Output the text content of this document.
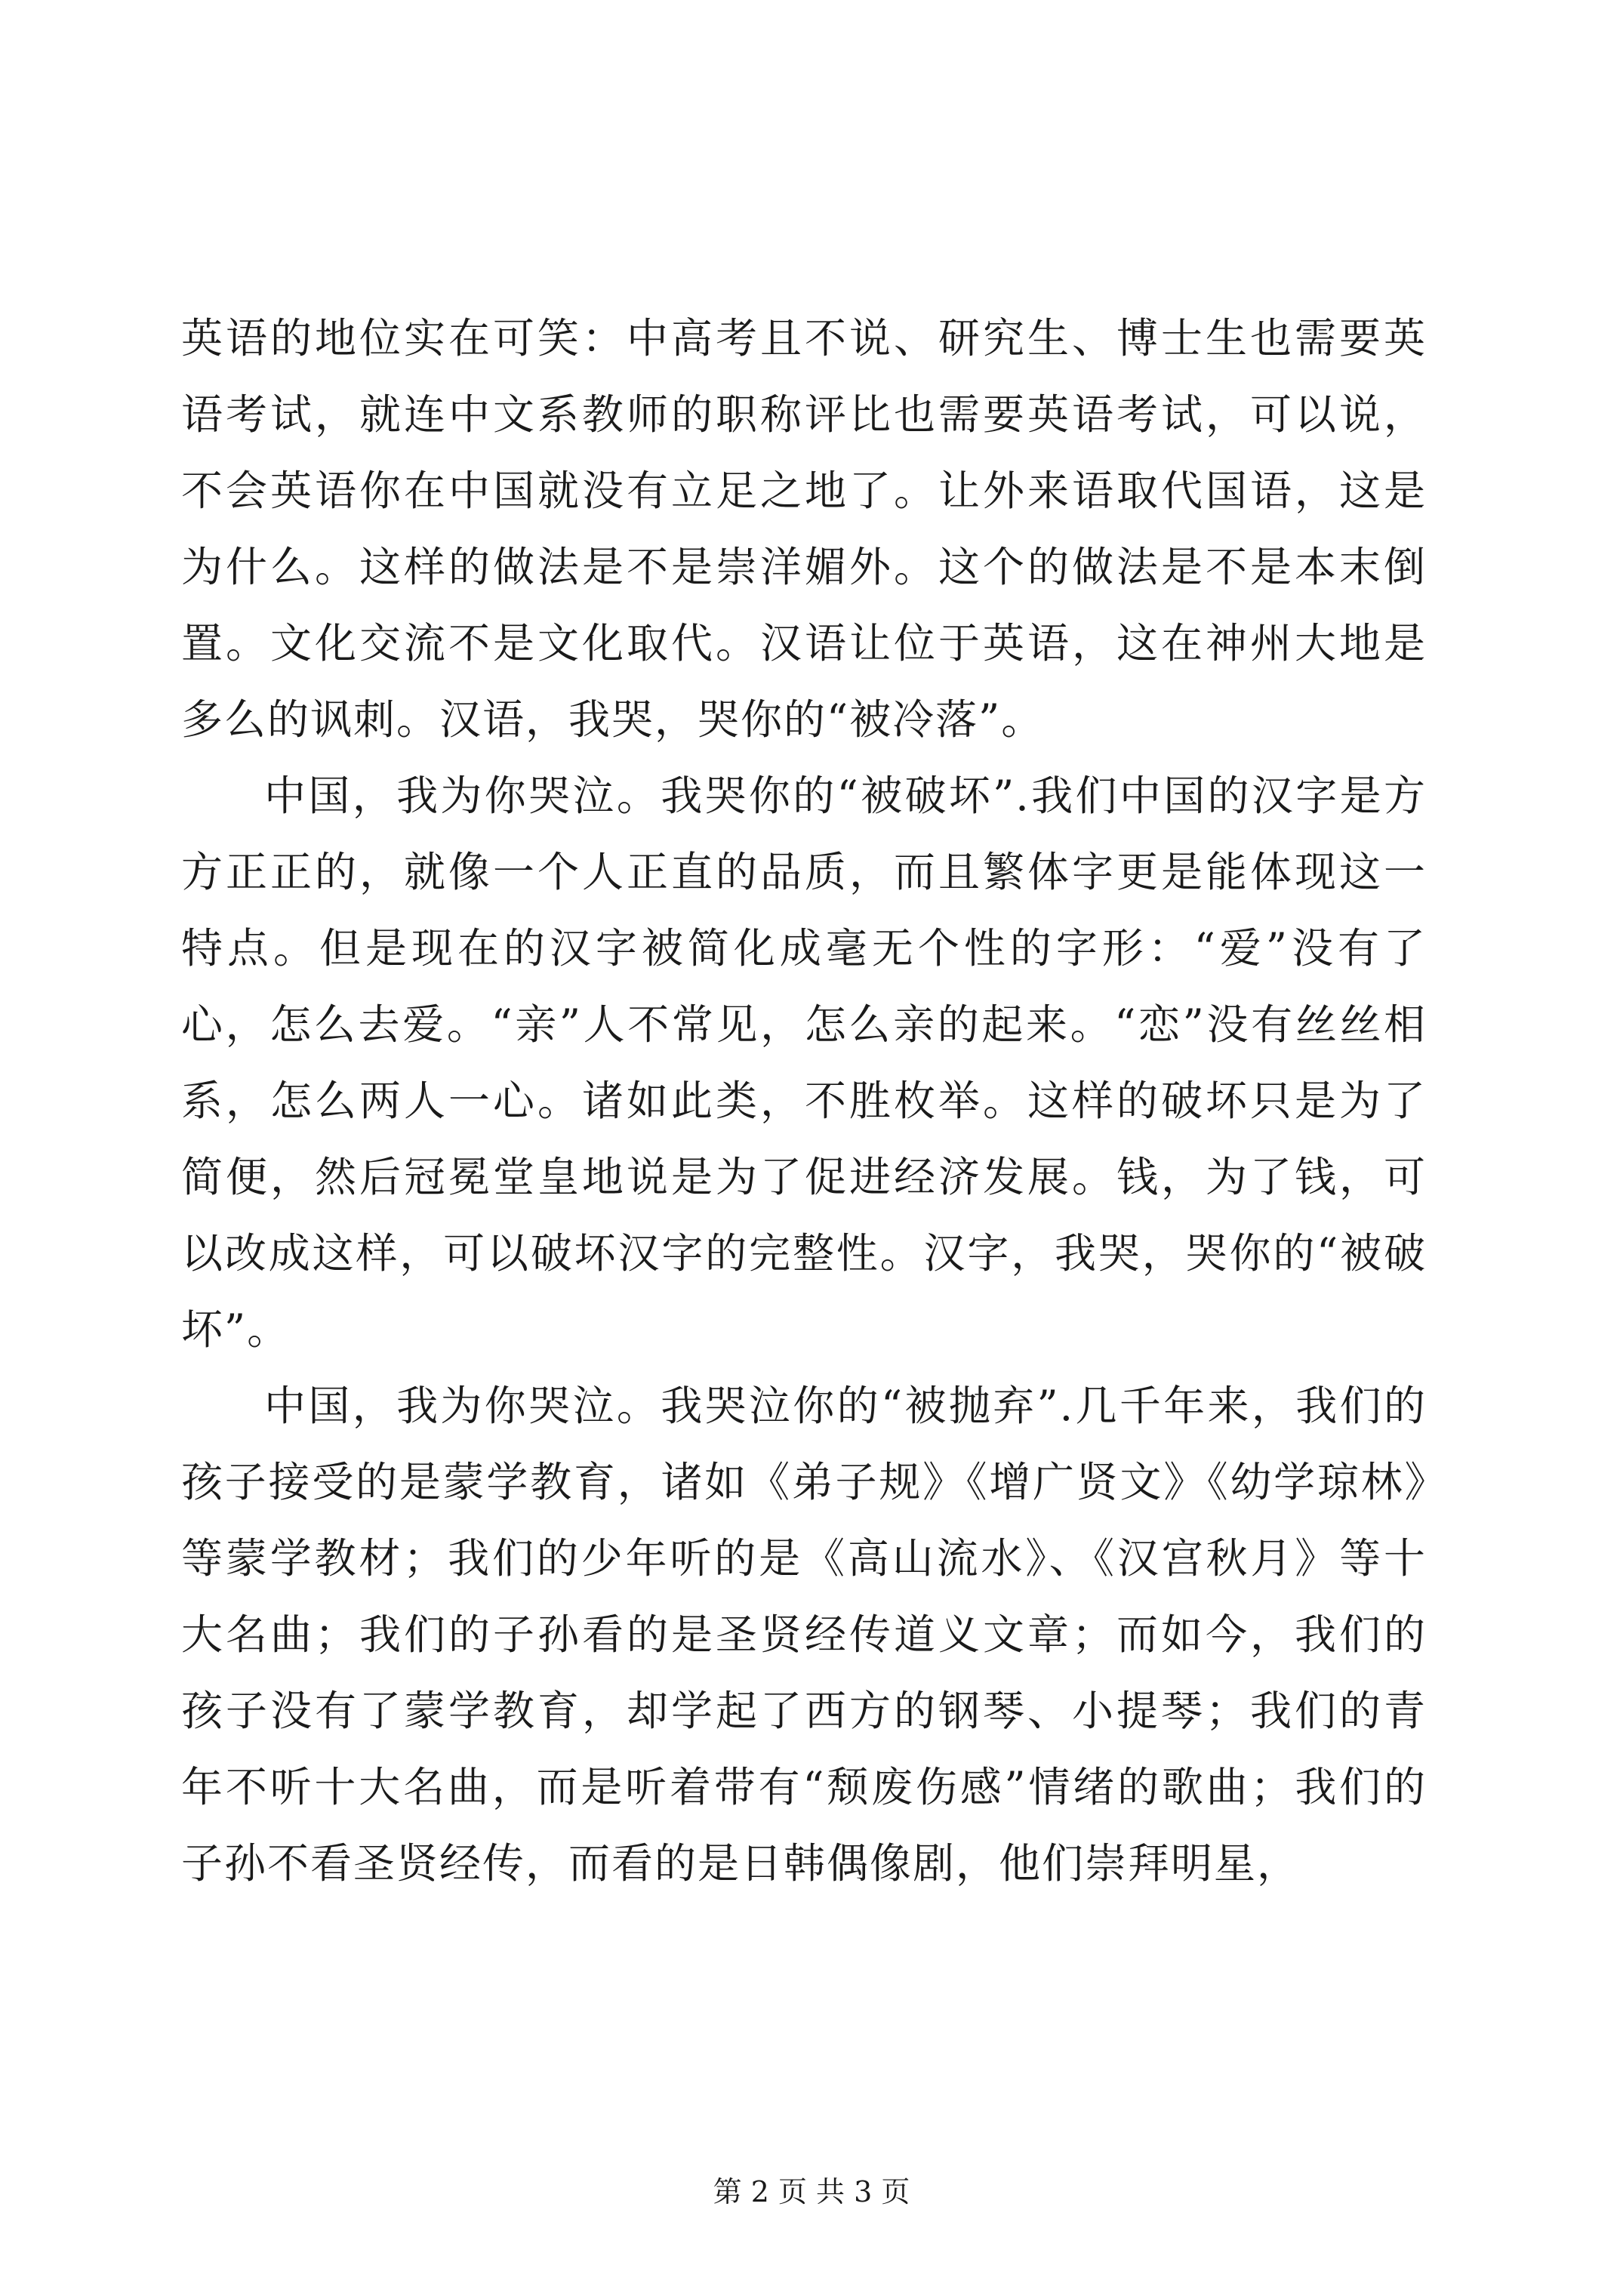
英语的地位实在可笑：中高考且不说、研究生、博士生也需要英语考试，就连中文系教师的职称评比也需要英语考试，可以说，不会英语你在中国就没有立足之地了。让外来语取代国语，这是为什么。这样的做法是不是崇洋媚外。这个的做法是不是本末倒置。文化交流不是文化取代。汉语让位于英语，这在神州大地是多么的讽刺。汉语，我哭，哭你的“被冷落”。

中国，我为你哭泣。我哭你的“被破坏”.我们中国的汉字是方方正正的，就像一个人正直的品质，而且繁体字更是能体现这一特点。但是现在的汉字被简化成毫无个性的字形：“爱”没有了心，怎么去爱。“亲”人不常见，怎么亲的起来。“恋”没有丝丝相系，怎么两人一心。诸如此类，不胜枚举。这样的破坏只是为了简便，然后冠冕堂皇地说是为了促进经济发展。钱，为了钱，可以改成这样，可以破坏汉字的完整性。汉字，我哭，哭你的“被破坏”。

中国，我为你哭泣。我哭泣你的“被抛弃”.几千年来，我们的孩子接受的是蒙学教育，诸如《弟子规》《增广贤文》《幼学琼林》等蒙学教材；我们的少年听的是《高山流水》、《汉宫秋月》等十大名曲；我们的子孙看的是圣贤经传道义文章；而如今，我们的孩子没有了蒙学教育，却学起了西方的钢琴、小提琴；我们的青年不听十大名曲，而是听着带有“颓废伤感”情绪的歌曲；我们的子孙不看圣贤经传，而看的是日韩偶像剧，他们崇拜明星，

第 2 页 共 3 页
